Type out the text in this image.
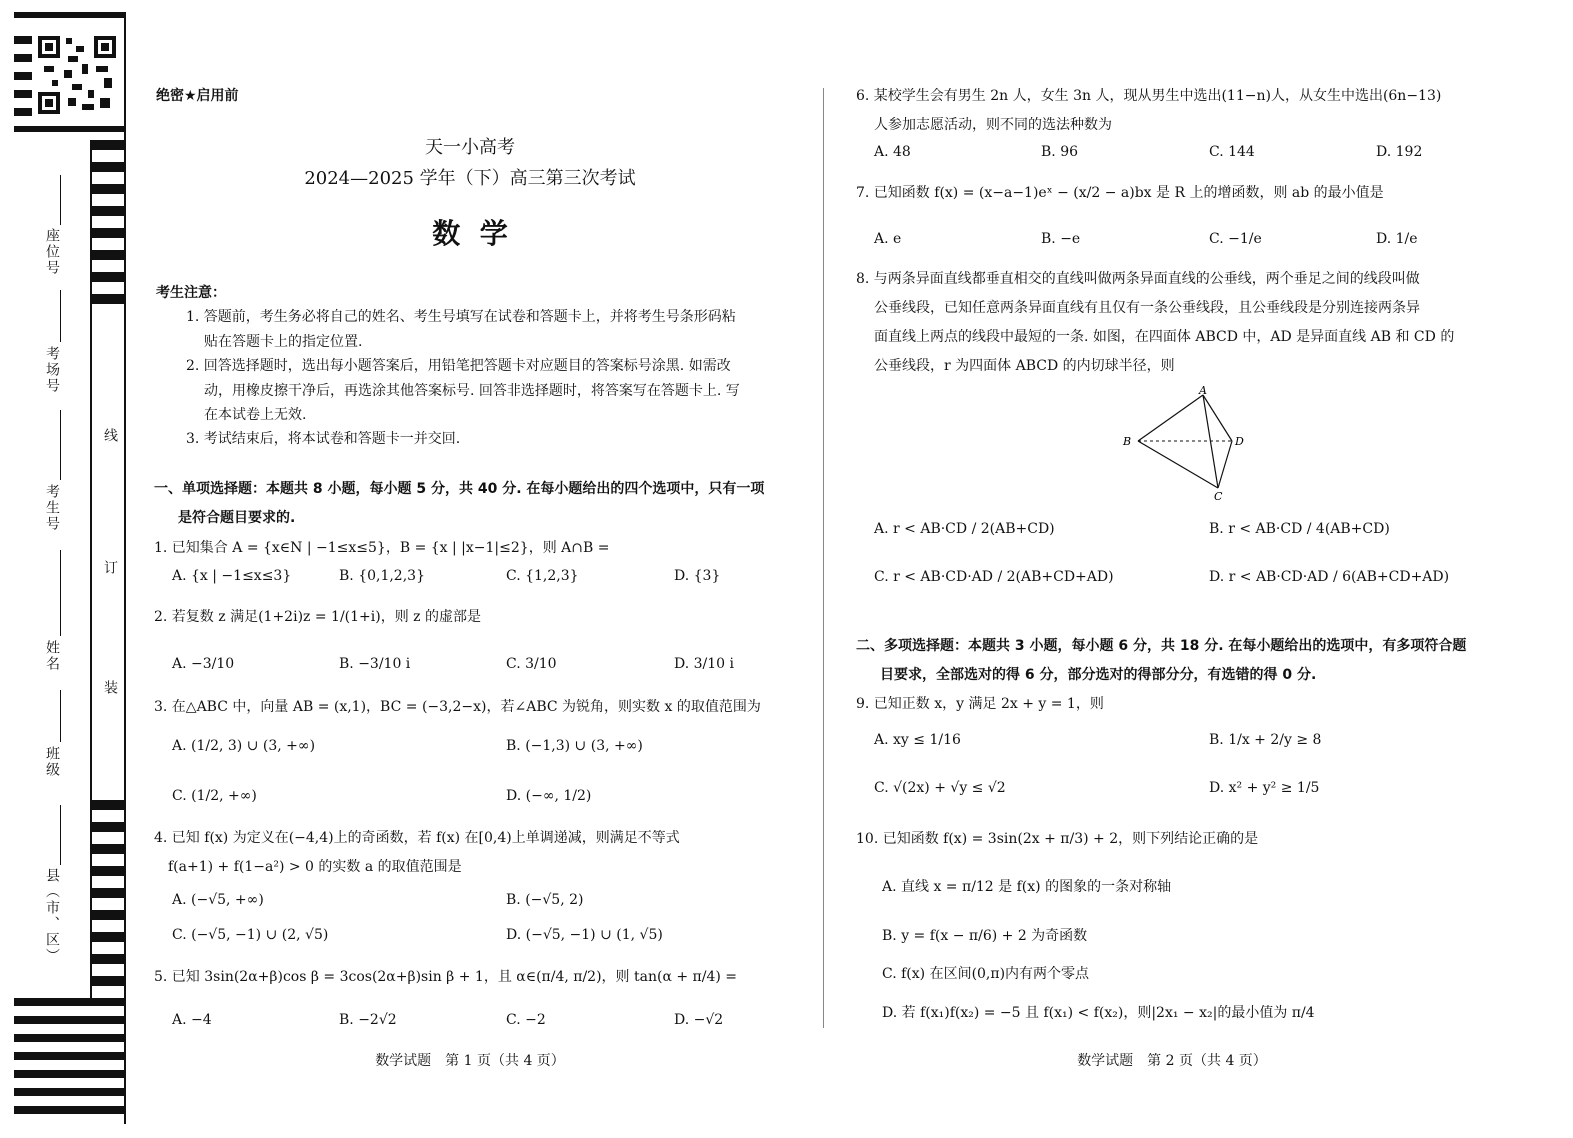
座位号
考场号
考生号
姓名
班级
县（市、区）
线
订
装
绝密★启用前
天一小高考
2024—2025 学年（下）高三第三次考试
数  学
考生注意：
1. 答题前，考生务必将自己的姓名、考生号填写在试卷和答题卡上，并将考生号条形码粘
贴在答题卡上的指定位置.
2. 回答选择题时，选出每小题答案后，用铅笔把答题卡对应题目的答案标号涂黑. 如需改
动，用橡皮擦干净后，再选涂其他答案标号. 回答非选择题时，将答案写在答题卡上. 写
在本试卷上无效.
3. 考试结束后，将本试卷和答题卡一并交回.
一、单项选择题：本题共 8 小题，每小题 5 分，共 40 分. 在每小题给出的四个选项中，只有一项
是符合题目要求的.
1. 已知集合 A = {x∈N | −1≤x≤5}，B = {x | |x−1|≤2}，则 A∩B =
A. {x | −1≤x≤3}	B. {0,1,2,3}	C. {1,2,3}	D. {3}
2. 若复数 z 满足(1+2i)z = 1/(1+i)，则 z 的虚部是
A. −3/10	B. −3/10 i	C. 3/10	D. 3/10 i
3. 在△ABC 中，向量 AB = (x,1)，BC = (−3,2−x)，若∠ABC 为锐角，则实数 x 的取值范围为
A. (1/2, 3) ∪ (3, +∞)	B. (−1,3) ∪ (3, +∞)
C. (1/2, +∞)	D. (−∞, 1/2)
4. 已知 f(x) 为定义在(−4,4)上的奇函数，若 f(x) 在[0,4)上单调递减，则满足不等式
f(a+1) + f(1−a²) > 0 的实数 a 的取值范围是
A. (−√5, +∞)	B. (−√5, 2)
C. (−√5, −1) ∪ (2, √5)	D. (−√5, −1) ∪ (1, √5)
5. 已知 3sin(2α+β)cos β = 3cos(2α+β)sin β + 1，且 α∈(π/4, π/2)，则 tan(α + π/4) =
A. −4	B. −2√2	C. −2	D. −√2
数学试题　第 1 页（共 4 页）
6. 某校学生会有男生 2n 人，女生 3n 人，现从男生中选出(11−n)人，从女生中选出(6n−13)
人参加志愿活动，则不同的选法种数为
A. 48	B. 96	C. 144	D. 192
7. 已知函数 f(x) = (x−a−1)eˣ − (x/2 − a)bx 是 R 上的增函数，则 ab 的最小值是
A. e	B. −e	C. −1/e	D. 1/e
8. 与两条异面直线都垂直相交的直线叫做两条异面直线的公垂线，两个垂足之间的线段叫做
公垂线段，已知任意两条异面直线有且仅有一条公垂线段，且公垂线段是分别连接两条异
面直线上两点的线段中最短的一条. 如图，在四面体 ABCD 中，AD 是异面直线 AB 和 CD 的
公垂线段，r 为四面体 ABCD 的内切球半径，则
A
B
C
D
A. r < AB·CD / 2(AB+CD)	B. r < AB·CD / 4(AB+CD)
C. r < AB·CD·AD / 2(AB+CD+AD)	D. r < AB·CD·AD / 6(AB+CD+AD)
二、多项选择题：本题共 3 小题，每小题 6 分，共 18 分. 在每小题给出的选项中，有多项符合题
目要求，全部选对的得 6 分，部分选对的得部分分，有选错的得 0 分.
9. 已知正数 x，y 满足 2x + y = 1，则
A. xy ≤ 1/16	B. 1/x + 2/y ≥ 8
C. √(2x) + √y ≤ √2	D. x² + y² ≥ 1/5
10. 已知函数 f(x) = 3sin(2x + π/3) + 2，则下列结论正确的是
A. 直线 x = π/12 是 f(x) 的图象的一条对称轴
B. y = f(x − π/6) + 2 为奇函数
C. f(x) 在区间(0,π)内有两个零点
D. 若 f(x₁)f(x₂) = −5 且 f(x₁) < f(x₂)，则|2x₁ − x₂|的最小值为 π/4
数学试题　第 2 页（共 4 页）
